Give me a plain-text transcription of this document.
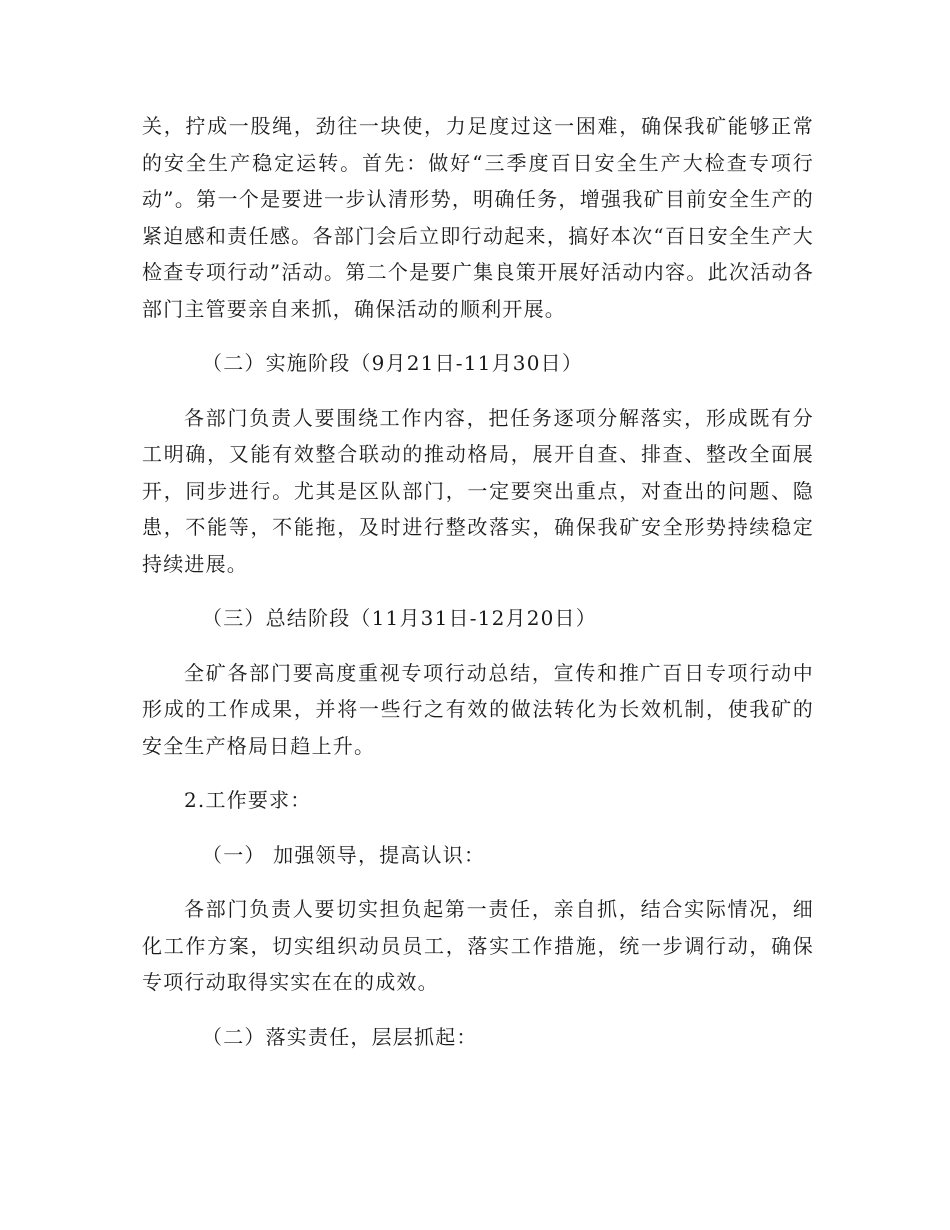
关，拧成一股绳，劲往一块使，力足度过这一困难，确保我矿能够正常的安全生产稳定运转。首先：做好“三季度百日安全生产大检查专项行动”。第一个是要进一步认清形势，明确任务，增强我矿目前安全生产的紧迫感和责任感。各部门会后立即行动起来，搞好本次“百日安全生产大检查专项行动”活动。第二个是要广集良策开展好活动内容。此次活动各部门主管要亲自来抓，确保活动的顺利开展。

（二）实施阶段（9月21日-11月30日）

各部门负责人要围绕工作内容，把任务逐项分解落实，形成既有分工明确，又能有效整合联动的推动格局，展开自查、排查、整改全面展开，同步进行。尤其是区队部门，一定要突出重点，对查出的问题、隐患，不能等，不能拖，及时进行整改落实，确保我矿安全形势持续稳定持续进展。

（三）总结阶段（11月31日-12月20日）

全矿各部门要高度重视专项行动总结，宣传和推广百日专项行动中形成的工作成果，并将一些行之有效的做法转化为长效机制，使我矿的安全生产格局日趋上升。

2.工作要求：

（一） 加强领导，提高认识：

各部门负责人要切实担负起第一责任，亲自抓，结合实际情况，细化工作方案，切实组织动员员工，落实工作措施，统一步调行动，确保专项行动取得实实在在的成效。

（二）落实责任，层层抓起：
